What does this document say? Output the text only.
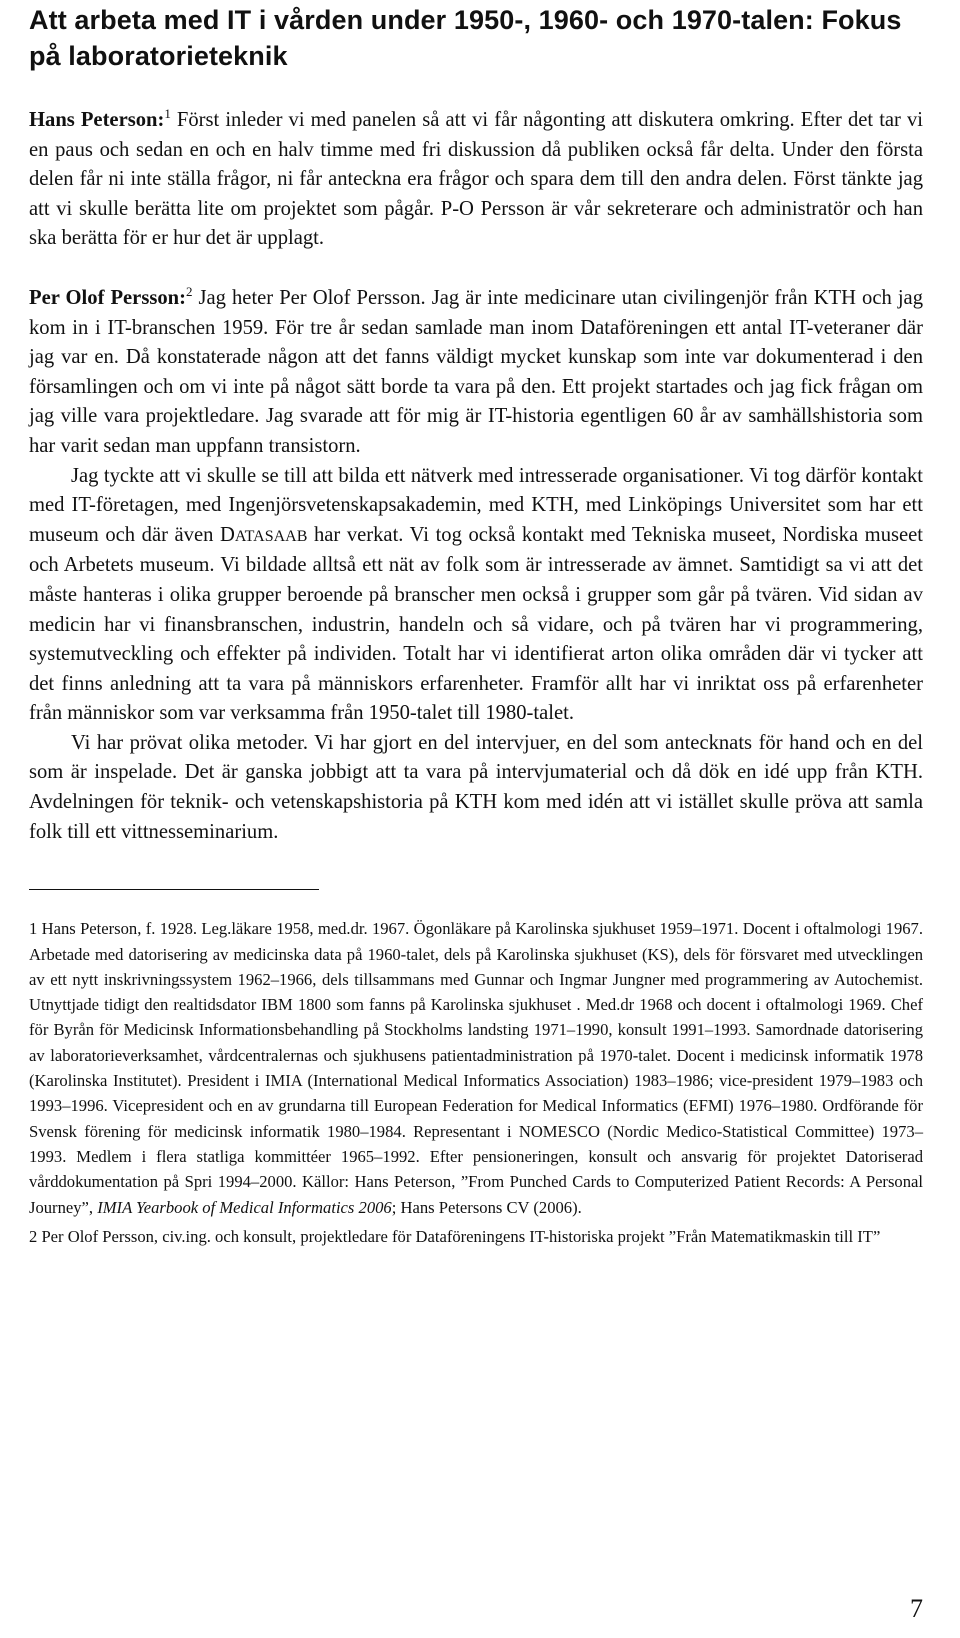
Att arbeta med IT i vården under 1950-, 1960- och 1970-talen: Fokus på laboratorieteknik

Hans Peterson:$^1$ Först inleder vi med panelen så att vi får någonting att diskutera omkring. Efter det tar vi en paus och sedan en och en halv timme med fri diskussion då publiken också får delta. Under den första delen får ni inte ställa frågor, ni får anteckna era frågor och spara dem till den andra delen. Först tänkte jag att vi skulle berätta lite om projektet som pågår. P-O Persson är vår sekreterare och administratör och han ska berätta för er hur det är upplagt.

Per Olof Persson:$^2$ Jag heter Per Olof Persson. Jag är inte medicinare utan civilingenjör från KTH och jag kom in i IT-branschen 1959. För tre år sedan samlade man inom Dataföreningen ett antal IT-veteraner där jag var en. Då konstaterade någon att det fanns väldigt mycket kunskap som inte var dokumenterad i den församlingen och om vi inte på något sätt borde ta vara på den. Ett projekt startades och jag fick frågan om jag ville vara projektledare. Jag svarade att för mig är IT-historia egentligen 60 år av samhällshistoria som har varit sedan man uppfann transistorn.

Jag tyckte att vi skulle se till att bilda ett nätverk med intresserade organisationer. Vi tog därför kontakt med IT-företagen, med Ingenjörsvetenskapsakademin, med KTH, med Linköpings Universitet som har ett museum och där även DATASAAB har verkat. Vi tog också kontakt med Tekniska museet, Nordiska museet och Arbetets museum. Vi bildade alltså ett nät av folk som är intresserade av ämnet. Samtidigt sa vi att det måste hanteras i olika grupper beroende på branscher men också i grupper som går på tvären. Vid sidan av medicin har vi finansbranschen, industrin, handeln och så vidare, och på tvären har vi programmering, systemutveckling och effekter på individen. Totalt har vi identifierat arton olika områden där vi tycker att det finns anledning att ta vara på människors erfarenheter. Framför allt har vi inriktat oss på erfarenheter från människor som var verksamma från 1950-talet till 1980-talet.

Vi har prövat olika metoder. Vi har gjort en del intervjuer, en del som antecknats för hand och en del som är inspelade. Det är ganska jobbigt att ta vara på intervjumaterial och då dök en idé upp från KTH. Avdelningen för teknik- och vetenskapshistoria på KTH kom med idén att vi istället skulle pröva att samla folk till ett vittnesseminarium.

1 Hans Peterson, f. 1928. Leg.läkare 1958, med.dr. 1967. Ögonläkare på Karolinska sjukhuset 1959–1971. Docent i oftalmologi 1967. Arbetade med datorisering av medicinska data på 1960-talet, dels på Karolinska sjukhuset (KS), dels för försvaret med utvecklingen av ett nytt inskrivningssystem 1962–1966, dels tillsammans med Gunnar och Ingmar Jungner med programmering av Autochemist. Utnyttjade tidigt den realtidsdator IBM 1800 som fanns på Karolinska sjukhuset . Med.dr 1968 och docent i oftalmologi 1969. Chef för Byrån för Medicinsk Informationsbehandling på Stockholms landsting 1971–1990, konsult 1991–1993. Samordnade datorisering av laboratorieverksamhet, vårdcentralernas och sjukhusens patientadministration på 1970-talet. Docent i medicinsk informatik 1978 (Karolinska Institutet). President i IMIA (International Medical Informatics Association) 1983–1986; vice-president 1979–1983 och 1993–1996. Vicepresident och en av grundarna till European Federation for Medical Informatics (EFMI) 1976–1980. Ordförande för Svensk förening för medicinsk informatik 1980–1984. Representant i NOMESCO (Nordic Medico-Statistical Committee) 1973–1993. Medlem i flera statliga kommittéer 1965–1992. Efter pensioneringen, konsult och ansvarig för projektet Datoriserad vårddokumentation på Spri 1994–2000. Källor: Hans Peterson, ”From Punched Cards to Computerized Patient Records: A Personal Journey”, IMIA Yearbook of Medical Informatics 2006; Hans Petersons CV (2006).

2 Per Olof Persson, civ.ing. och konsult, projektledare för Dataföreningens IT-historiska projekt ”Från Matematikmaskin till IT”

7
